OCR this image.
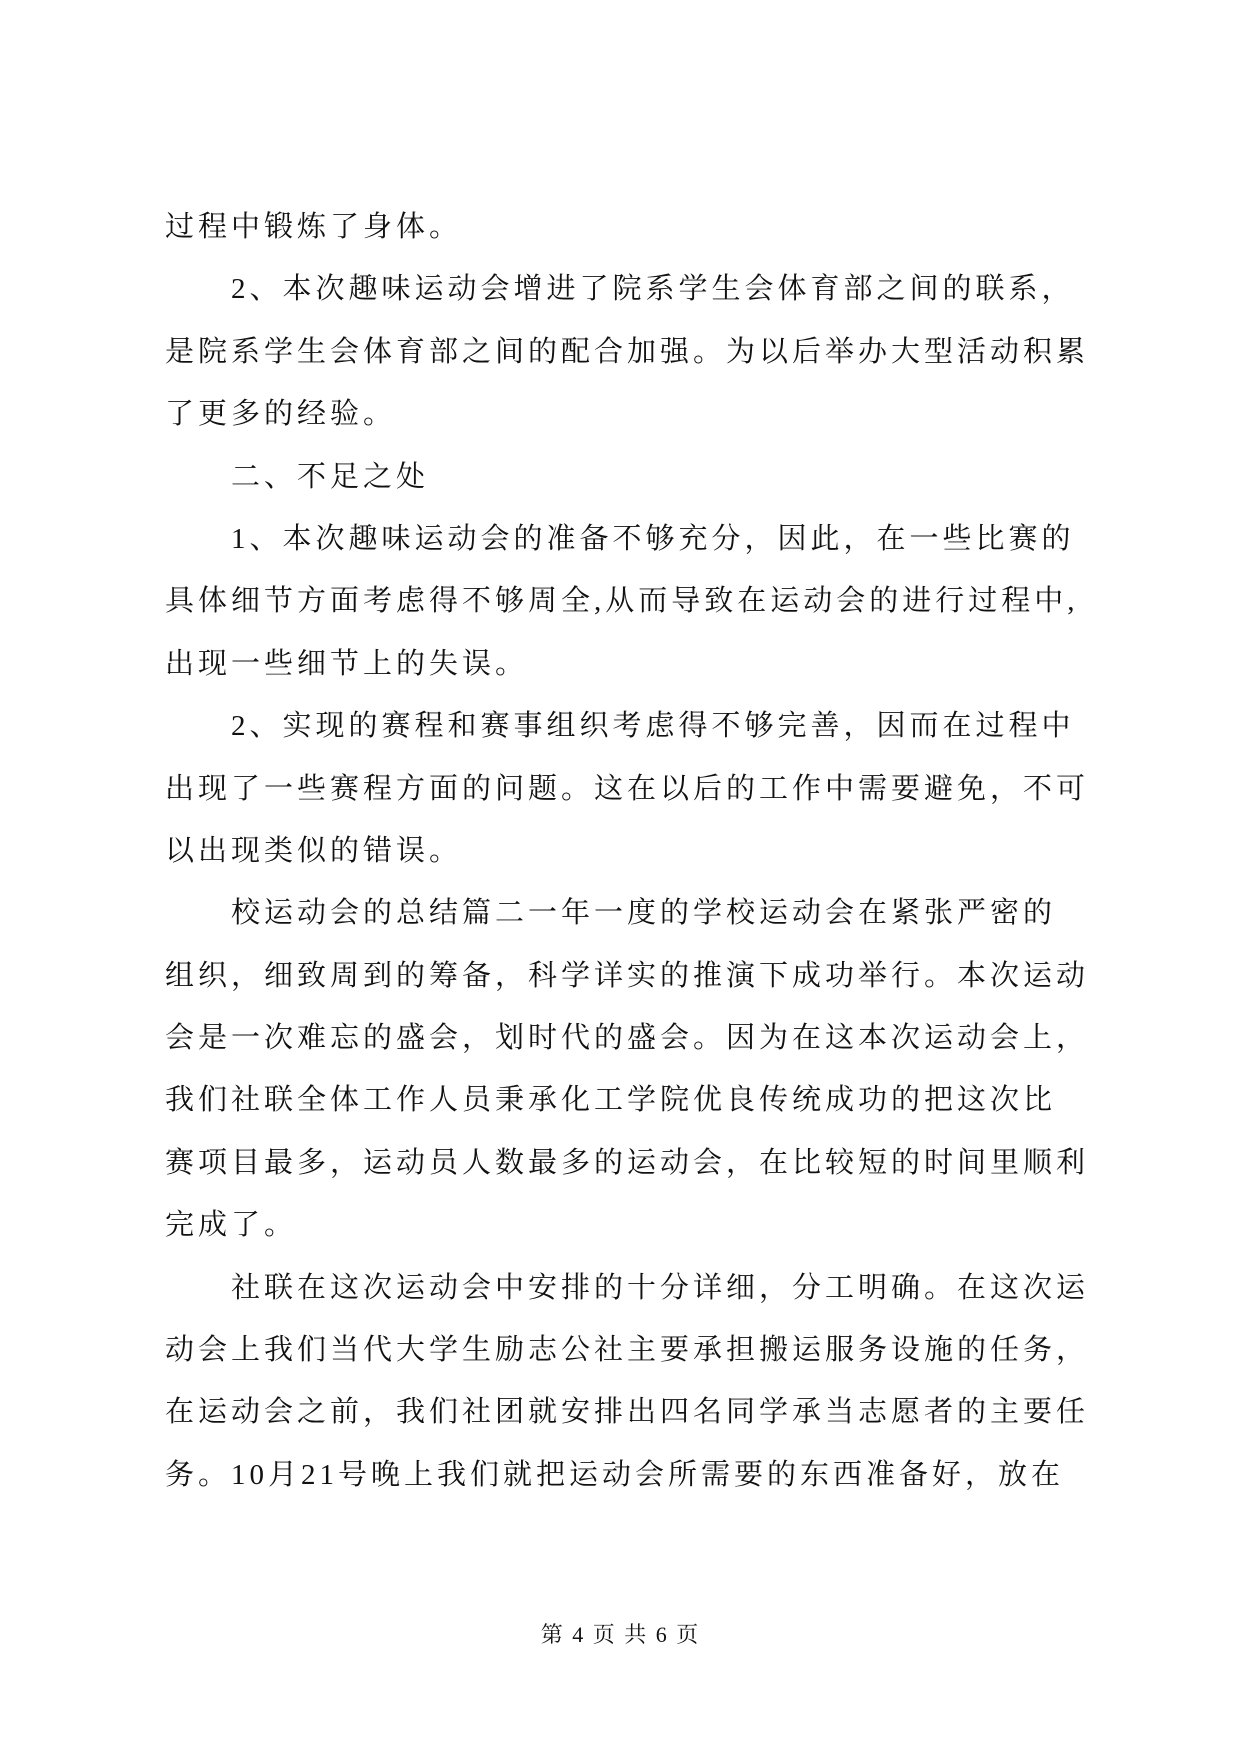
过程中锻炼了身体。
2、本次趣味运动会增进了院系学生会体育部之间的联系，
是院系学生会体育部之间的配合加强。为以后举办大型活动积累
了更多的经验。
二、不足之处
1、本次趣味运动会的准备不够充分，因此，在一些比赛的
具体细节方面考虑得不够周全,从而导致在运动会的进行过程中,
出现一些细节上的失误。
2、实现的赛程和赛事组织考虑得不够完善，因而在过程中
出现了一些赛程方面的问题。这在以后的工作中需要避免，不可
以出现类似的错误。
校运动会的总结篇二一年一度的学校运动会在紧张严密的
组织，细致周到的筹备，科学详实的推演下成功举行。本次运动
会是一次难忘的盛会，划时代的盛会。因为在这本次运动会上，
我们社联全体工作人员秉承化工学院优良传统成功的把这次比
赛项目最多，运动员人数最多的运动会，在比较短的时间里顺利
完成了。
社联在这次运动会中安排的十分详细，分工明确。在这次运
动会上我们当代大学生励志公社主要承担搬运服务设施的任务，
在运动会之前，我们社团就安排出四名同学承当志愿者的主要任
务。10月21号晚上我们就把运动会所需要的东西准备好，放在
第 4 页 共 6 页
